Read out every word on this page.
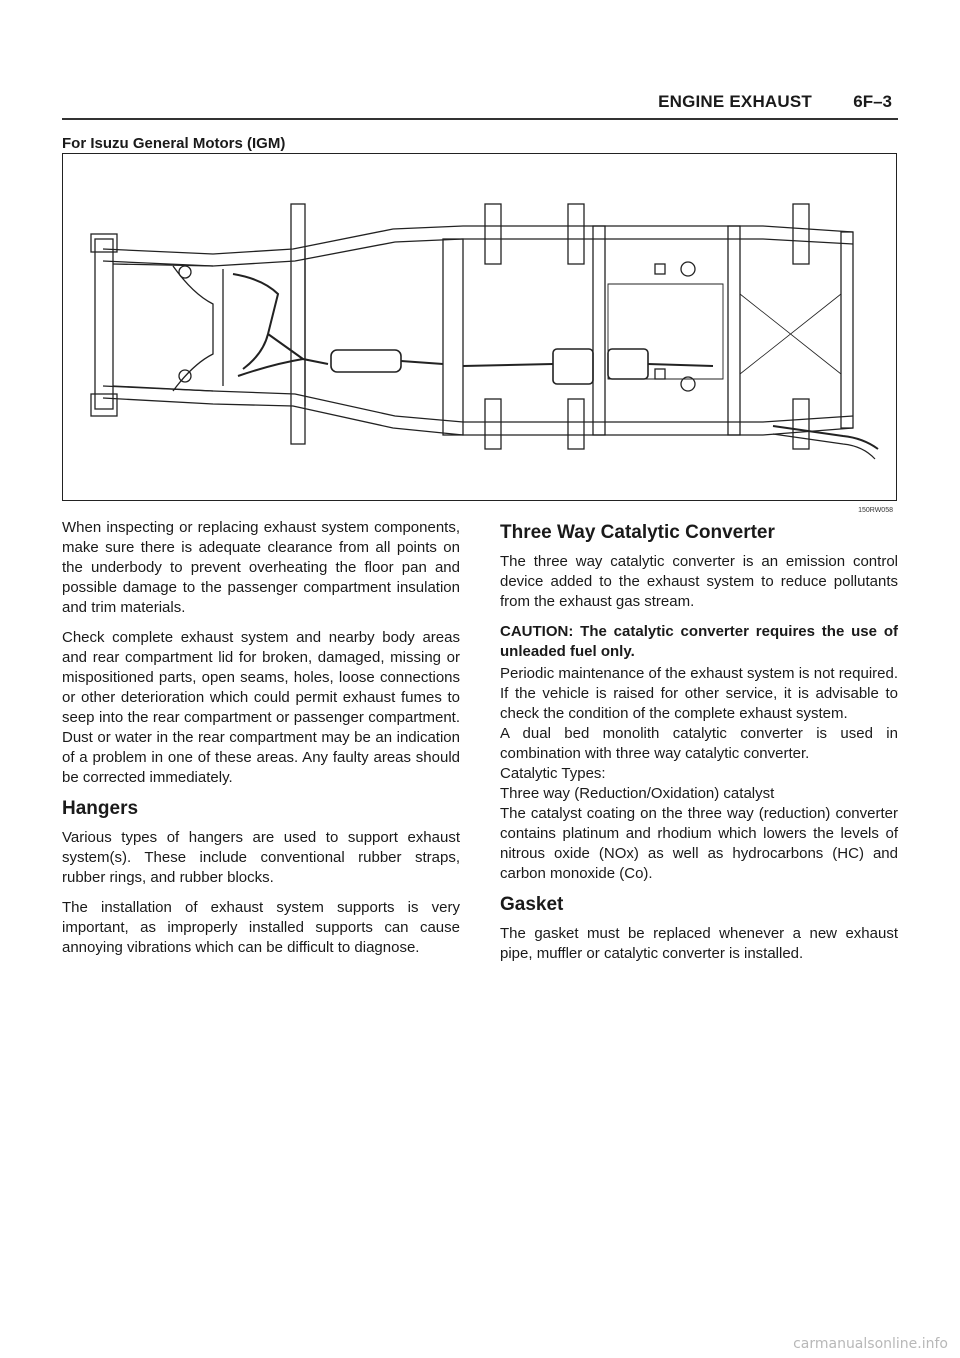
ENGINE EXHAUST 6F–3
For Isuzu General Motors (IGM)
150RW058

When inspecting or replacing exhaust system components, make sure there is adequate clearance from all points on the underbody to prevent overheating the floor pan and possible damage to the passenger compartment insulation and trim materials.

Check complete exhaust system and nearby body areas and rear compartment lid for broken, damaged, missing or mispositioned parts, open seams, holes, loose connections or other deterioration which could permit exhaust fumes to seep into the rear compartment or passenger compartment. Dust or water in the rear compartment may be an indication of a problem in one of these areas. Any faulty areas should be corrected immediately.

Hangers

Various types of hangers are used to support exhaust system(s). These include conventional rubber straps, rubber rings, and rubber blocks.

The installation of exhaust system supports is very important, as improperly installed supports can cause annoying vibrations which can be difficult to diagnose.

Three Way Catalytic Converter

The three way catalytic converter is an emission control device added to the exhaust system to reduce pollutants from the exhaust gas stream.

CAUTION: The catalytic converter requires the use of unleaded fuel only.

Periodic maintenance of the exhaust system is not required. If the vehicle is raised for other service, it is advisable to check the condition of the complete exhaust system.

A dual bed monolith catalytic converter is used in combination with three way catalytic converter.

Catalytic Types:

Three way (Reduction/Oxidation) catalyst

The catalyst coating on the three way (reduction) converter contains platinum and rhodium which lowers the levels of nitrous oxide (NOx) as well as hydrocarbons (HC) and carbon monoxide (Co).

Gasket

The gasket must be replaced whenever a new exhaust pipe, muffler or catalytic converter is installed.

carmanualsonline.info
